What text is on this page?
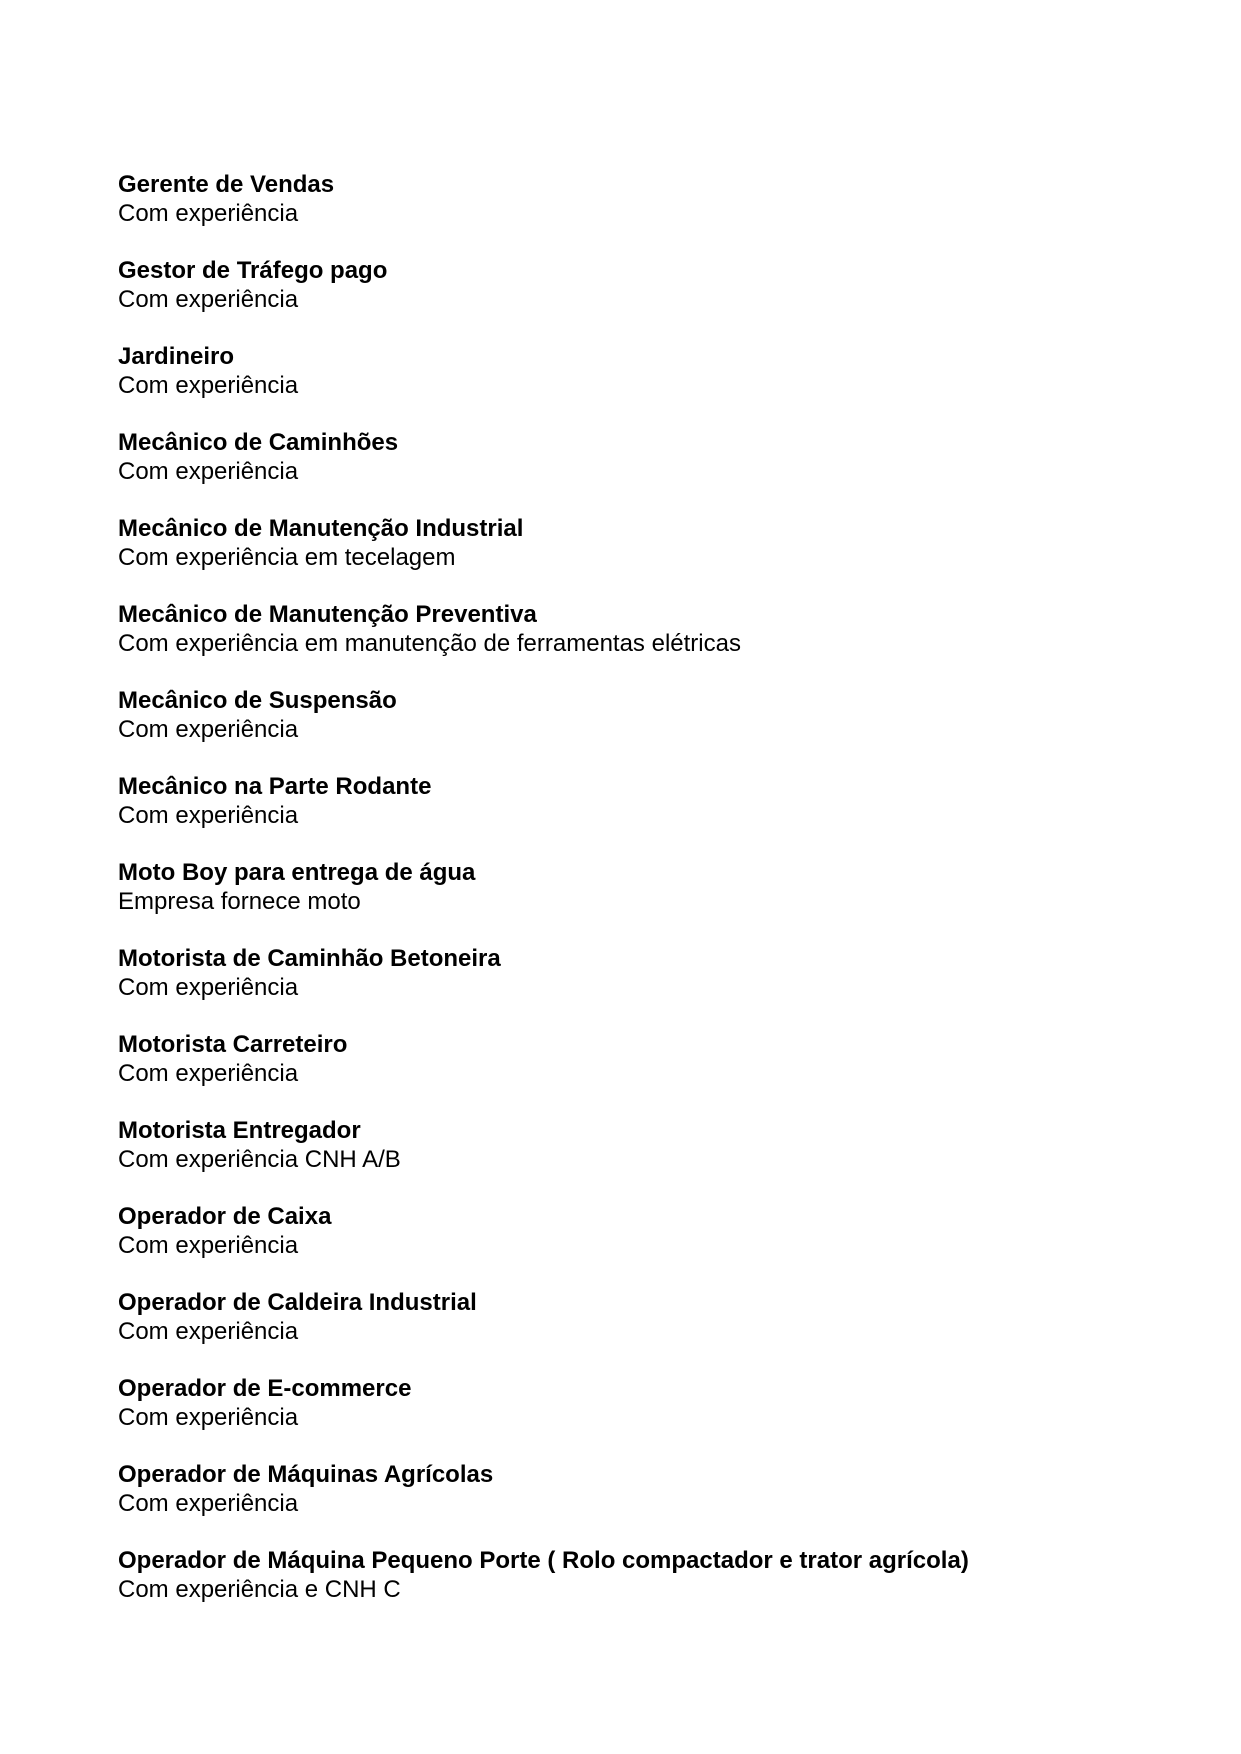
Gerente de Vendas
Com experiência
Gestor de Tráfego pago
Com experiência
Jardineiro
Com experiência
Mecânico de Caminhões
Com experiência
Mecânico de Manutenção Industrial
Com experiência em tecelagem
Mecânico de Manutenção Preventiva
Com experiência em manutenção de ferramentas elétricas
Mecânico de Suspensão
Com experiência
Mecânico na Parte Rodante
Com experiência
Moto Boy para entrega de água
Empresa fornece moto
Motorista de Caminhão Betoneira
Com experiência
Motorista Carreteiro
Com experiência
Motorista Entregador
Com experiência CNH A/B
Operador de Caixa
Com experiência
Operador de Caldeira Industrial
Com experiência
Operador de E-commerce
Com experiência
Operador de Máquinas Agrícolas
Com experiência
Operador de Máquina Pequeno Porte ( Rolo compactador e trator agrícola)
Com experiência e CNH C
